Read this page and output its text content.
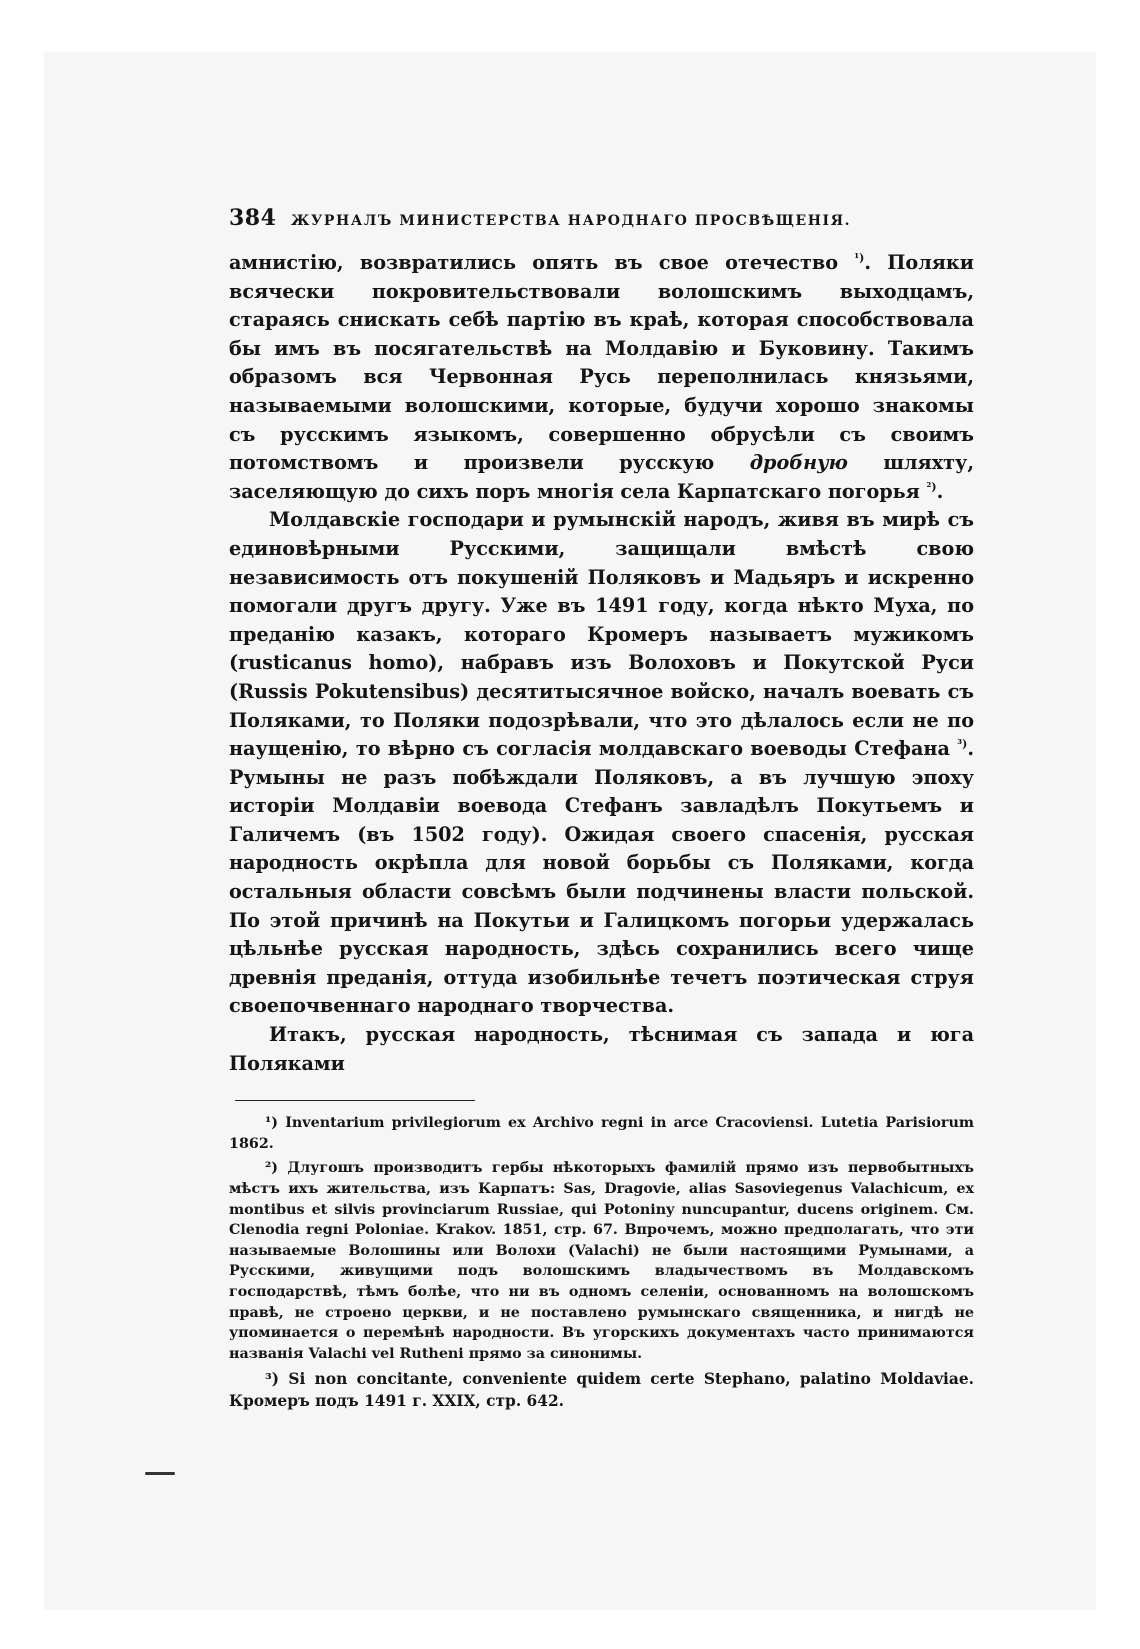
384	ЖУРНАЛЪ МИНИСТЕРСТВА НАРОДНАГО ПРОСВѢЩЕНІЯ.

амнистію, возвратились опять въ свое отечество $^{^1)}$. Поляки всячески покровительствовали волошскимъ выходцамъ, стараясь снискать себѣ партію въ краѣ, которая способствовала бы имъ въ посягательствѣ на Молдавію и Буковину. Такимъ образомъ вся Червонная Русь переполнилась князьями, называемыми волошскими, которые, будучи хорошо знакомы съ русскимъ языкомъ, совершенно обрусѣли съ своимъ потомствомъ и произвели русскую дробную шляхту, заселяющую до сихъ поръ многія села Карпатскаго погорья $^{^2)}$.

Молдавскіе господари и румынскій народъ, живя въ мирѣ съ единовѣрными Русскими, защищали вмѣстѣ свою независимость отъ покушеній Поляковъ и Мадьяръ и искренно помогали другъ другу. Уже въ 1491 году, когда нѣкто Муха, по преданію казакъ, котораго Кромеръ называетъ мужикомъ (rusticanus homo), набравъ изъ Волоховъ и Покутской Руси (Russis Pokutensibus) десятитысячное войско, началъ воевать съ Поляками, то Поляки подозрѣвали, что это дѣлалось если не по наущенію, то вѣрно съ согласія молдавскаго воеводы Стефана $^{^3)}$. Румыны не разъ побѣждали Поляковъ, а въ лучшую эпоху исторіи Молдавіи воевода Стефанъ завладѣлъ Покутьемъ и Галичемъ (въ 1502 году). Ожидая своего спасенія, русская народность окрѣпла для новой борьбы съ Поляками, когда остальныя области совсѣмъ были подчинены власти польской. По этой причинѣ на Покутьи и Галицкомъ погорьи удержалась цѣльнѣе русская народность, здѣсь сохранились всего чище древнія преданія, оттуда изобильнѣе течетъ поэтическая струя своепочвеннаго народнаго творчества.

Итакъ, русская народность, тѣснимая съ запада и юга Поляками

¹) Inventarium privilegiorum ex Archivo regni in arce Cracoviensi. Lutetia Parisiorum 1862.

²) Длугошъ производитъ гербы нѣкоторыхъ фамилій прямо изъ первобытныхъ мѣстъ ихъ жительства, изъ Карпатъ: Sas, Dragovie, alias Sasoviegenus Valachicum, ex montibus et silvis provinciarum Russiae, qui Potoniny nuncupantur, ducens originem. См. Clenodia regni Poloniae. Krakov. 1851, стр. 67. Впрочемъ, можно предполагать, что эти называемые Волошины или Волохи (Valachi) не были настоящими Румынами, а Русскими, живущими подъ волошскимъ владычествомъ въ Молдавскомъ господарствѣ, тѣмъ болѣе, что ни въ одномъ селеніи, основанномъ на волошскомъ правѣ, не строено церкви, и не поставлено румынскаго священника, и нигдѣ не упоминается о перемѣнѣ народности. Въ угорскихъ документахъ часто принимаются названія Valachi vel Rutheni прямо за синонимы.

³) Si non concitante, conveniente quidem certe Stephano, palatino Moldaviae. Кромеръ подъ 1491 г. XXIX, стр. 642.
